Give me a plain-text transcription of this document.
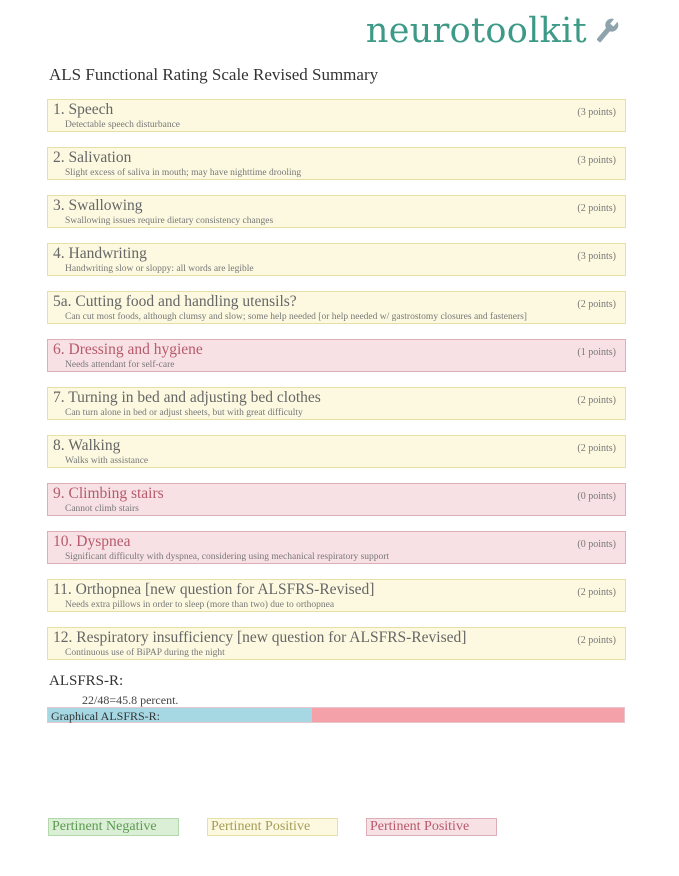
neurotoolkit
ALS Functional Rating Scale Revised Summary
1. Speech	(3 points)
Detectable speech disturbance
2. Salivation	(3 points)
Slight excess of saliva in mouth; may have nighttime drooling
3. Swallowing	(2 points)
Swallowing issues require dietary consistency changes
4. Handwriting	(3 points)
Handwriting slow or sloppy: all words are legible
5a. Cutting food and handling utensils?	(2 points)
Can cut most foods, although clumsy and slow; some help needed [or help needed w/ gastrostomy closures and fasteners]
6. Dressing and hygiene	(1 points)
Needs attendant for self-care
7. Turning in bed and adjusting bed clothes	(2 points)
Can turn alone in bed or adjust sheets, but with great difficulty
8. Walking	(2 points)
Walks with assistance
9. Climbing stairs	(0 points)
Cannot climb stairs
10. Dyspnea	(0 points)
Significant difficulty with dyspnea, considering using mechanical respiratory support
11. Orthopnea [new question for ALSFRS-Revised]	(2 points)
Needs extra pillows in order to sleep (more than two) due to orthopnea
12. Respiratory insufficiency [new question for ALSFRS-Revised]	(2 points)
Continuous use of BiPAP during the night
ALSFRS-R:
22/48=45.8 percent.
Graphical ALSFRS-R:
Pertinent Negative	Pertinent Positive	Pertinent Positive
